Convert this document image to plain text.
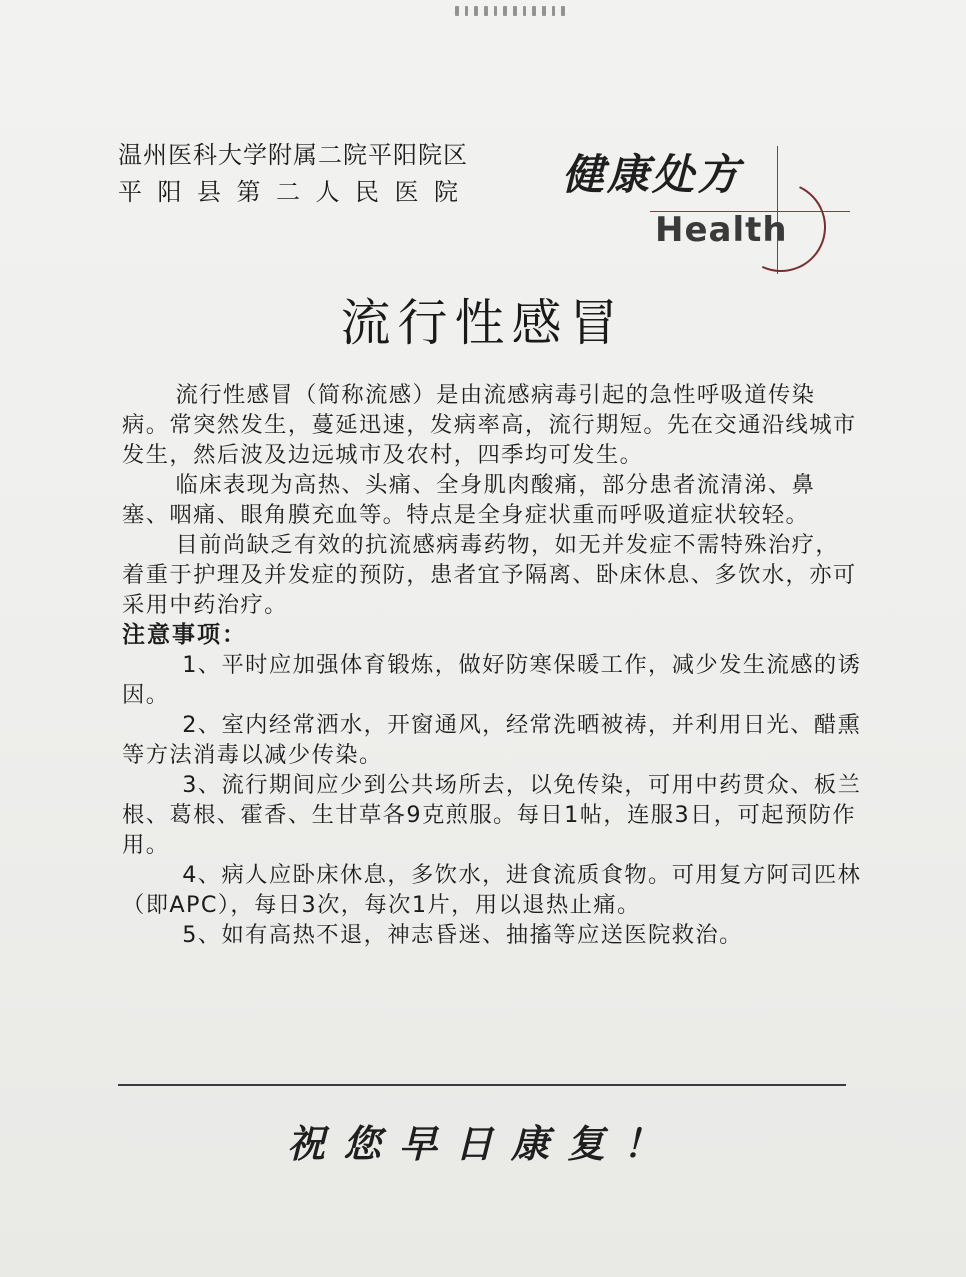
温州医科大学附属二院平阳院区
平阳县第二人民医院	健康处方
Health
流行性感冒

流行性感冒（简称流感）是由流感病毒引起的急性呼吸道传染病。常突然发生，蔓延迅速，发病率高，流行期短。先在交通沿线城市发生，然后波及边远城市及农村，四季均可发生。

临床表现为高热、头痛、全身肌肉酸痛，部分患者流清涕、鼻塞、咽痛、眼角膜充血等。特点是全身症状重而呼吸道症状较轻。

目前尚缺乏有效的抗流感病毒药物，如无并发症不需特殊治疗，着重于护理及并发症的预防，患者宜予隔离、卧床休息、多饮水，亦可采用中药治疗。

注意事项：

1、平时应加强体育锻炼，做好防寒保暖工作，减少发生流感的诱因。

2、室内经常洒水，开窗通风，经常洗晒被祷，并利用日光、醋熏等方法消毒以减少传染。

3、流行期间应少到公共场所去，以免传染，可用中药贯众、板兰根、葛根、霍香、生甘草各9克煎服。每日1帖，连服3日，可起预防作用。

4、病人应卧床休息，多饮水，进食流质食物。可用复方阿司匹林（即APC），每日3次，每次1片，用以退热止痛。

5、如有高热不退，神志昏迷、抽搐等应送医院救治。

祝您早日康复！
